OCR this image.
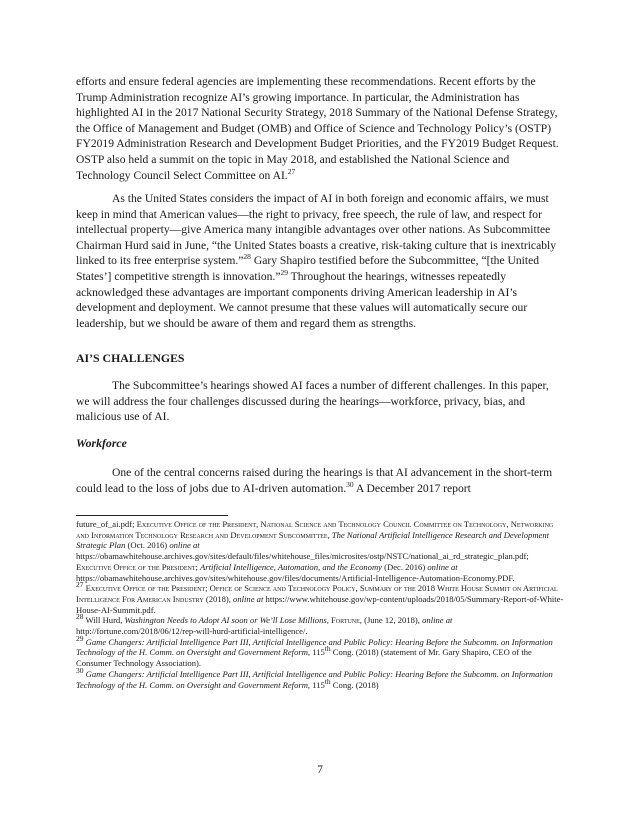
efforts and ensure federal agencies are implementing these recommendations. Recent efforts by the Trump Administration recognize AI’s growing importance. In particular, the Administration has highlighted AI in the 2017 National Security Strategy, 2018 Summary of the National Defense Strategy, the Office of Management and Budget (OMB) and Office of Science and Technology Policy’s (OSTP) FY2019 Administration Research and Development Budget Priorities, and the FY2019 Budget Request. OSTP also held a summit on the topic in May 2018, and established the National Science and Technology Council Select Committee on AI.$^{27}$

As the United States considers the impact of AI in both foreign and economic affairs, we must keep in mind that American values—the right to privacy, free speech, the rule of law, and respect for intellectual property—give America many intangible advantages over other nations. As Subcommittee Chairman Hurd said in June, “the United States boasts a creative, risk-taking culture that is inextricably linked to its free enterprise system.”$^{28}$ Gary Shapiro testified before the Subcommittee, “[the United States’] competitive strength is innovation.”$^{29}$ Throughout the hearings, witnesses repeatedly acknowledged these advantages are important components driving American leadership in AI’s development and deployment. We cannot presume that these values will automatically secure our leadership, but we should be aware of them and regard them as strengths.

AI’S CHALLENGES

The Subcommittee’s hearings showed AI faces a number of different challenges. In this paper, we will address the four challenges discussed during the hearings—workforce, privacy, bias, and malicious use of AI.

Workforce

One of the central concerns raised during the hearings is that AI advancement in the short-term could lead to the loss of jobs due to AI-driven automation.$^{30}$ A December 2017 report

future_of_ai.pdf; Executive Office of the President, National Science and Technology Council Committee on Technology, Networking and Information Technology Research and Development Subcommittee, The National Artificial Intelligence Research and Development Strategic Plan (Oct. 2016) online at https://obamawhitehouse.archives.gov/sites/default/files/whitehouse_files/microsites/ostp/NSTC/national_ai_rd_strategic_plan.pdf; Executive Office of the President; Artificial Intelligence, Automation, and the Economy (Dec. 2016) online at https://obamawhitehouse.archives.gov/sites/whitehouse.gov/files/documents/Artificial-Intelligence-Automation-Economy.PDF.

27 Executive Office of the President; Office of Science and Technology Policy, Summary of the 2018 White House Summit on Artificial Intelligence For American Industry (2018), online at https://www.whitehouse.gov/wp-content/uploads/2018/05/Summary-Report-of-White-House-AI-Summit.pdf.

28 Will Hurd, Washington Needs to Adopt AI soon or We’ll Lose Millions, Fortune, (June 12, 2018), online at http://fortune.com/2018/06/12/rep-will-hurd-artificial-intelligence/.

29 Game Changers: Artificial Intelligence Part III, Artificial Intelligence and Public Policy: Hearing Before the Subcomm. on Information Technology of the H. Comm. on Oversight and Government Reform, 115th Cong. (2018) (statement of Mr. Gary Shapiro, CEO of the Consumer Technology Association).

30 Game Changers: Artificial Intelligence Part III, Artificial Intelligence and Public Policy: Hearing Before the Subcomm. on Information Technology of the H. Comm. on Oversight and Government Reform, 115th Cong. (2018)

7
